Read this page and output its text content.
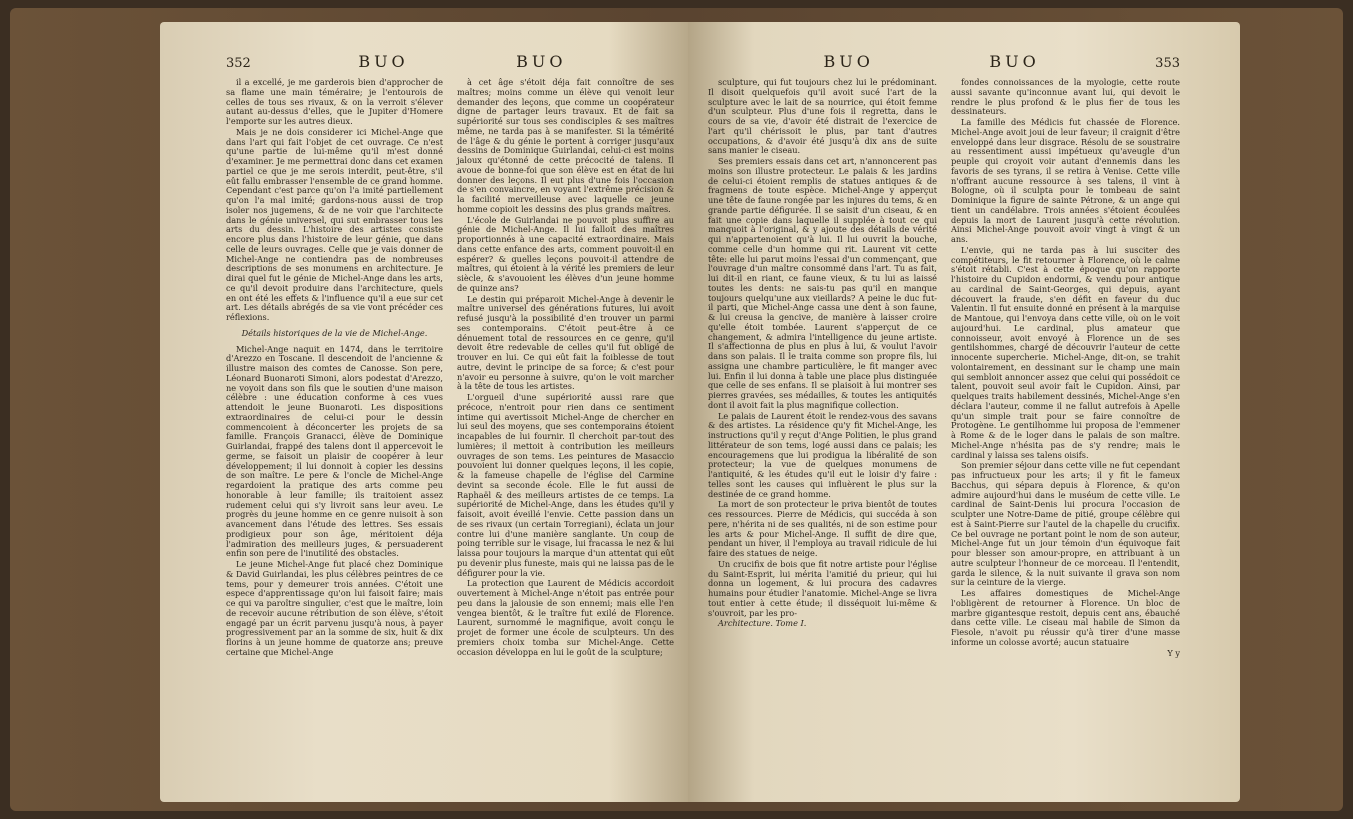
352	BUO	BUO

il a excellé, je me garderois bien d'approcher de sa flame une main téméraire; je l'entourois de celles de tous ses rivaux, & on la verroit s'élever autant au-dessus d'elles, que le Jupiter d'Homere l'emporte sur les autres dieux.

Mais je ne dois considerer ici Michel-Ange que dans l'art qui fait l'objet de cet ouvrage. Ce n'est qu'une partie de lui-même qu'il m'est donné d'examiner. Je me permettrai donc dans cet examen partiel ce que je me serois interdit, peut-être, s'il eût fallu embrasser l'ensemble de ce grand homme. Cependant c'est parce qu'on l'a imité partiellement qu'on l'a mal imité; gardons-nous aussi de trop isoler nos jugemens, & de ne voir que l'architecte dans le génie universel, qui sut embrasser tous les arts du dessin. L'histoire des artistes consiste encore plus dans l'histoire de leur génie, que dans celle de leurs ouvrages. Celle que je vais donner de Michel-Ange ne contiendra pas de nombreuses descriptions de ses monumens en architecture. Je dirai quel fut le génie de Michel-Ange dans les arts, ce qu'il devoit produire dans l'architecture, quels en ont été les effets & l'influence qu'il a eue sur cet art. Les détails abrégés de sa vie vont précéder ces réflexions.

Détails historiques de la vie de Michel-Ange.

Michel-Ange naquit en 1474, dans le territoire d'Arezzo en Toscane. Il descendoit de l'ancienne & illustre maison des comtes de Canosse. Son pere, Léonard Buonaroti Simoni, alors podestat d'Arezzo, ne voyoit dans son fils que le soutien d'une maison célèbre : une éducation conforme à ces vues attendoit le jeune Buonaroti. Les dispositions extraordinaires de celui-ci pour le dessin commencoient à déconcerter les projets de sa famille. François Granacci, élève de Dominique Guirlandai, frappé des talens dont il appercevoit le germe, se faisoit un plaisir de coopérer à leur développement; il lui donnoit à copier les dessins de son maître. Le pere & l'oncle de Michel-Ange regardoient la pratique des arts comme peu honorable à leur famille; ils traitoient assez rudement celui qui s'y livroit sans leur aveu. Le progrès du jeune homme en ce genre nuisoit à son avancement dans l'étude des lettres. Ses essais prodigieux pour son âge, méritoient déja l'admiration des meilleurs juges, & persuaderent enfin son pere de l'inutilité des obstacles.

Le jeune Michel-Ange fut placé chez Dominique & David Guirlandai, les plus célèbres peintres de ce tems, pour y demeurer trois années. C'étoit une espece d'apprentissage qu'on lui faisoit faire; mais ce qui va paroître singulier, c'est que le maître, loin de recevoir aucune rétribution de son élève, s'étoit engagé par un écrit parvenu jusqu'à nous, à payer progressivement par an la somme de six, huit & dix florins à un jeune homme de quatorze ans; preuve certaine que Michel-Ange

à cet âge s'étoit déja fait connoître de ses maîtres; moins comme un élève qui venoit leur demander des leçons, que comme un coopérateur digne de partager leurs travaux. Et de fait sa supériorité sur tous ses condisciples & ses maîtres même, ne tarda pas à se manifester. Si la témérité de l'âge & du génie le portent à corriger jusqu'aux dessins de Dominique Guirlandai, celui-ci est moins jaloux qu'étonné de cette précocité de talens. Il avoue de bonne-foi que son élève est en état de lui donner des leçons. Il eut plus d'une fois l'occasion de s'en convaincre, en voyant l'extrême précision & la facilité merveilleuse avec laquelle ce jeune homme copioit les dessins des plus grands maîtres.

L'école de Guirlandai ne pouvoit plus suffire au génie de Michel-Ange. Il lui falloit des maîtres proportionnés à une capacité extraordinaire. Mais dans cette enfance des arts, comment pouvoit-il en espérer? & quelles leçons pouvoit-il attendre de maîtres, qui étoient à la vérité les premiers de leur siècle, & s'avouoient les élèves d'un jeune homme de quinze ans?

Le destin qui préparoit Michel-Ange à devenir le maître universel des générations futures, lui avoit refusé jusqu'à la possibilité d'en trouver un parmi ses contemporains. C'étoit peut-être à ce dénuement total de ressources en ce genre, qu'il devoit être redevable de celles qu'il fut obligé de trouver en lui. Ce qui eût fait la foiblesse de tout autre, devint le principe de sa force; & c'est pour n'avoir eu personne à suivre, qu'on le voit marcher à la tête de tous les artistes.

L'orgueil d'une supériorité aussi rare que précoce, n'entroit pour rien dans ce sentiment intime qui avertissoit Michel-Ange de chercher en lui seul des moyens, que ses contemporains étoient incapables de lui fournir. Il cherchoit par-tout des lumières; il mettoit à contribution les meilleurs ouvrages de son tems. Les peintures de Masaccio pouvoient lui donner quelques leçons, il les copie, & la fameuse chapelle de l'église del Carmine devint sa seconde école. Elle le fut aussi de Raphaël & des meilleurs artistes de ce temps. La supériorité de Michel-Ange, dans les études qu'il y faisoit, avoit éveillé l'envie. Cette passion dans un de ses rivaux (un certain Torregiani), éclata un jour contre lui d'une manière sanglante. Un coup de poing terrible sur le visage, lui fracassa le nez & lui laissa pour toujours la marque d'un attentat qui eût pu devenir plus funeste, mais qui ne laissa pas de le défigurer pour la vie.

La protection que Laurent de Médicis accordoit ouvertement à Michel-Ange n'étoit pas entrée pour peu dans la jalousie de son ennemi; mais elle l'en vengea bientôt, & le traître fut exilé de Florence. Laurent, surnommé le magnifique, avoit conçu le projet de former une école de sculpteurs. Un des premiers choix tomba sur Michel-Ange. Cette occasion développa en lui le goût de la sculpture;

BUO	BUO	353

sculpture, qui fut toujours chez lui le prédominant. Il disoit quelquefois qu'il avoit sucé l'art de la sculpture avec le lait de sa nourrice, qui étoit femme d'un sculpteur. Plus d'une fois il regretta, dans le cours de sa vie, d'avoir été distrait de l'exercice de l'art qu'il chérissoit le plus, par tant d'autres occupations, & d'avoir été jusqu'à dix ans de suite sans manier le ciseau.

Ses premiers essais dans cet art, n'annoncerent pas moins son illustre protecteur. Le palais & les jardins de celui-ci étoient remplis de statues antiques & de fragmens de toute espèce. Michel-Ange y apperçut une tête de faune rongée par les injures du tems, & en grande partie défigurée. Il se saisit d'un ciseau, & en fait une copie dans laquelle il supplée à tout ce qui manquoit à l'original, & y ajoute des détails de vérité qui n'appartenoient qu'à lui. Il lui ouvrit la bouche, comme celle d'un homme qui rit. Laurent vit cette tête: elle lui parut moins l'essai d'un commençant, que l'ouvrage d'un maître consommé dans l'art. Tu as fait, lui dit-il en riant, ce faune vieux, & tu lui as laissé toutes les dents: ne sais-tu pas qu'il en manque toujours quelqu'une aux vieillards? A peine le duc fut-il parti, que Michel-Ange cassa une dent à son faune, & lui creusa la gencive, de manière à laisser croire qu'elle étoit tombée. Laurent s'apperçut de ce changement, & admira l'intelligence du jeune artiste. Il s'affectionna de plus en plus à lui, & voulut l'avoir dans son palais. Il le traita comme son propre fils, lui assigna une chambre particulière, le fit manger avec lui. Enfin il lui donna à table une place plus distinguée que celle de ses enfans. Il se plaisoit à lui montrer ses pierres gravées, ses médailles, & toutes les antiquités dont il avoit fait la plus magnifique collection.

Le palais de Laurent étoit le rendez-vous des savans & des artistes. La résidence qu'y fit Michel-Ange, les instructions qu'il y reçut d'Ange Politien, le plus grand littérateur de son tems, logé aussi dans ce palais; les encouragemens que lui prodigua la libéralité de son protecteur; la vue de quelques monumens de l'antiquité, & les études qu'il eut le loisir d'y faire : telles sont les causes qui influèrent le plus sur la destinée de ce grand homme.

La mort de son protecteur le priva bientôt de toutes ces ressources. Pierre de Médicis, qui succéda à son pere, n'hérita ni de ses qualités, ni de son estime pour les arts & pour Michel-Ange. Il suffit de dire que, pendant un hiver, il l'employa au travail ridicule de lui faire des statues de neige.

Un crucifix de bois que fit notre artiste pour l'église du Saint-Esprit, lui mérita l'amitié du prieur, qui lui donna un logement, & lui procura des cadavres humains pour étudier l'anatomie. Michel-Ange se livra tout entier à cette étude; il disséquoit lui-même & s'ouvroit, par les pro-

Architecture. Tome I.

fondes connoissances de la myologie, cette route aussi savante qu'inconnue avant lui, qui devoit le rendre le plus profond & le plus fier de tous les dessinateurs.

La famille des Médicis fut chassée de Florence. Michel-Ange avoit joui de leur faveur; il craignit d'être enveloppé dans leur disgrace. Résolu de se soustraire au ressentiment aussi impétueux qu'aveugle d'un peuple qui croyoit voir autant d'ennemis dans les favoris de ses tyrans, il se retira à Venise. Cette ville n'offrant aucune ressource à ses talens, il vint à Bologne, où il sculpta pour le tombeau de saint Dominique la figure de sainte Pétrone, & un ange qui tient un candélabre. Trois années s'étoient écoulées depuis la mort de Laurent jusqu'à cette révolution. Ainsi Michel-Ange pouvoit avoir vingt à vingt & un ans.

L'envie, qui ne tarda pas à lui susciter des compétiteurs, le fit retourner à Florence, où le calme s'étoit rétabli. C'est à cette époque qu'on rapporte l'histoire du Cupidon endormi, & vendu pour antique au cardinal de Saint-Georges, qui depuis, ayant découvert la fraude, s'en défit en faveur du duc Valentin. Il fut ensuite donné en présent à la marquise de Mantoue, qui l'envoya dans cette ville, où on le voit aujourd'hui. Le cardinal, plus amateur que connoisseur, avoit envoyé à Florence un de ses gentilshommes, chargé de découvrir l'auteur de cette innocente supercherie. Michel-Ange, dit-on, se trahit volontairement, en dessinant sur le champ une main qui sembloit annoncer assez que celui qui possédoit ce talent, pouvoit seul avoir fait le Cupidon. Ainsi, par quelques traits habilement dessinés, Michel-Ange s'en déclara l'auteur, comme il ne fallut autrefois à Apelle qu'un simple trait pour se faire connoître de Protogène. Le gentilhomme lui proposa de l'emmener à Rome & de le loger dans le palais de son maître. Michel-Ange n'hésita pas de s'y rendre; mais le cardinal y laissa ses talens oisifs.

Son premier séjour dans cette ville ne fut cependant pas infructueux pour les arts; il y fit le fameux Bacchus, qui sépara depuis à Florence, & qu'on admire aujourd'hui dans le muséum de cette ville. Le cardinal de Saint-Denis lui procura l'occasion de sculpter une Notre-Dame de pitié, groupe célèbre qui est à Saint-Pierre sur l'autel de la chapelle du crucifix. Ce bel ouvrage ne portant point le nom de son auteur, Michel-Ange fut un jour témoin d'un équivoque fait pour blesser son amour-propre, en attribuant à un autre sculpteur l'honneur de ce morceau. Il l'entendit, garda le silence, & la nuit suivante il grava son nom sur la ceinture de la vierge.

Les affaires domestiques de Michel-Ange l'obligèrent de retourner à Florence. Un bloc de marbre gigantesque restoit, depuis cent ans, ébauché dans cette ville. Le ciseau mal habile de Simon da Fiesole, n'avoit pu réussir qu'à tirer d'une masse informe un colosse avorté; aucun statuaire

Y y
